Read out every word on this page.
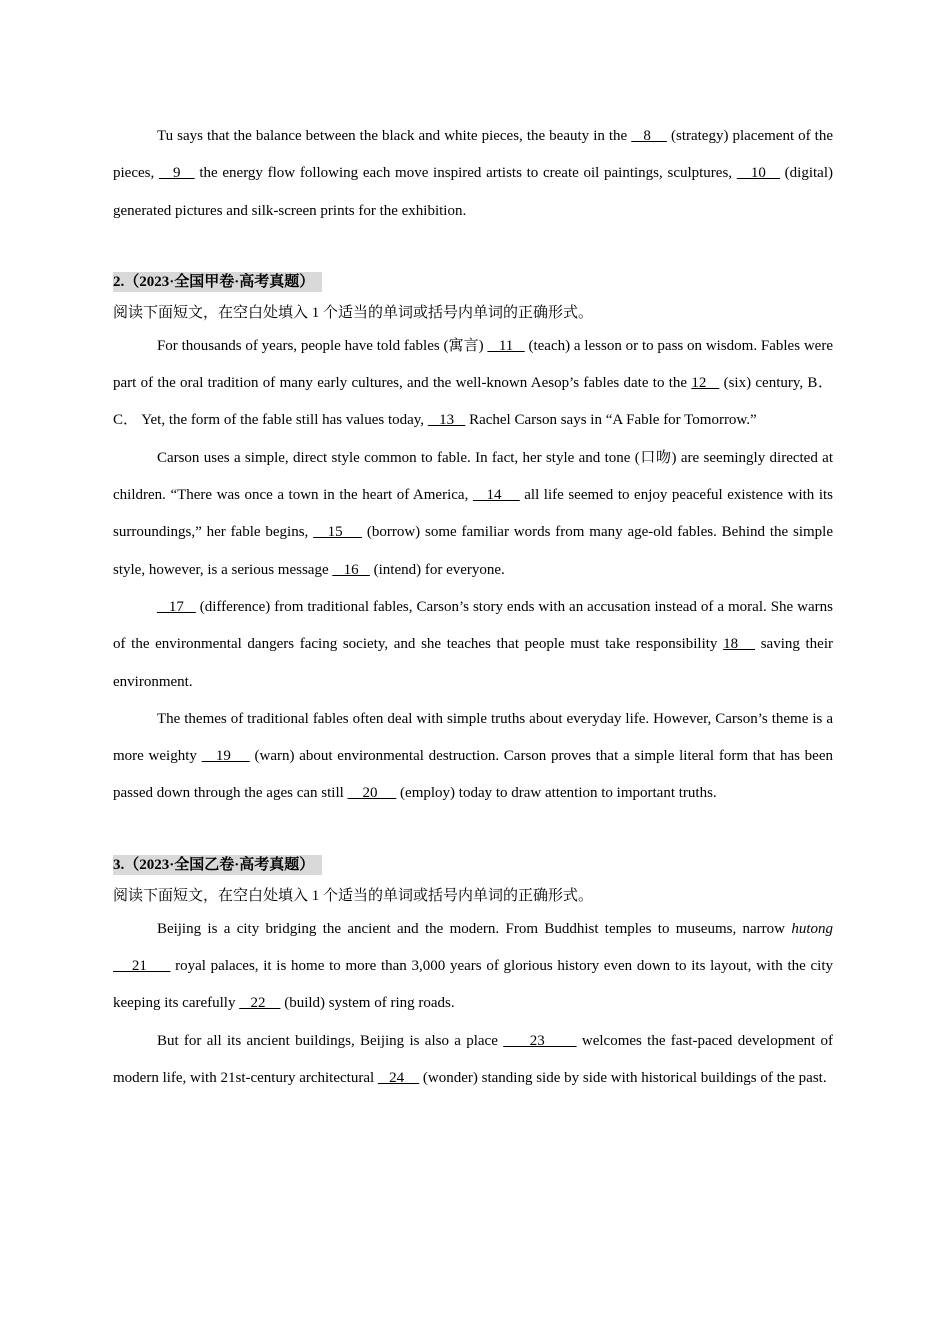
Tu says that the balance between the black and white pieces, the beauty in the    8     (strategy) placement of the pieces,    9    the energy flow following each move inspired artists to create oil paintings, sculptures,    10    (digital) generated pictures and silk-screen prints for the exhibition.

2.（2023·全国甲卷·高考真题）

阅读下面短文，在空白处填入 1 个适当的单词或括号内单词的正确形式。

For thousands of years, people have told fables (寓言)    11    (teach) a lesson or to pass on wisdom. Fables were part of the oral tradition of many early cultures, and the well-known Aesop’s fables date to the 12    (six) century, B．C． Yet, the form of the fable still has values today,    13    Rachel Carson says in “A Fable for Tomorrow.”

Carson uses a simple, direct style common to fable. In fact, her style and tone (口吻) are seemingly directed at children. “There was once a town in the heart of America,    14     all life seemed to enjoy peaceful existence with its surroundings,” her fable begins,    15     (borrow) some familiar words from many age-old fables. Behind the simple style, however, is a serious message    16    (intend) for everyone.

17    (difference) from traditional fables, Carson’s story ends with an accusation instead of a moral. She warns of the environmental dangers facing society, and she teaches that people must take responsibility 18    saving their environment.

The themes of traditional fables often deal with simple truths about everyday life. However, Carson’s theme is a more weighty    19     (warn) about environmental destruction. Carson proves that a simple literal form that has been passed down through the ages can still     20      (employ) today to draw attention to important truths.

3.（2023·全国乙卷·高考真题）

阅读下面短文，在空白处填入 1 个适当的单词或括号内单词的正确形式。

Beijing is a city bridging the ancient and the modern. From Buddhist temples to museums, narrow hutong     21      royal palaces, it is home to more than 3,000 years of glorious history even down to its layout, with the city keeping its carefully    22     (build) system of ring roads.

But for all its ancient buildings, Beijing is also a place      23       welcomes the fast-paced development of modern life, with 21st-century architectural    24     (wonder) standing side by side with historical buildings of the past.
